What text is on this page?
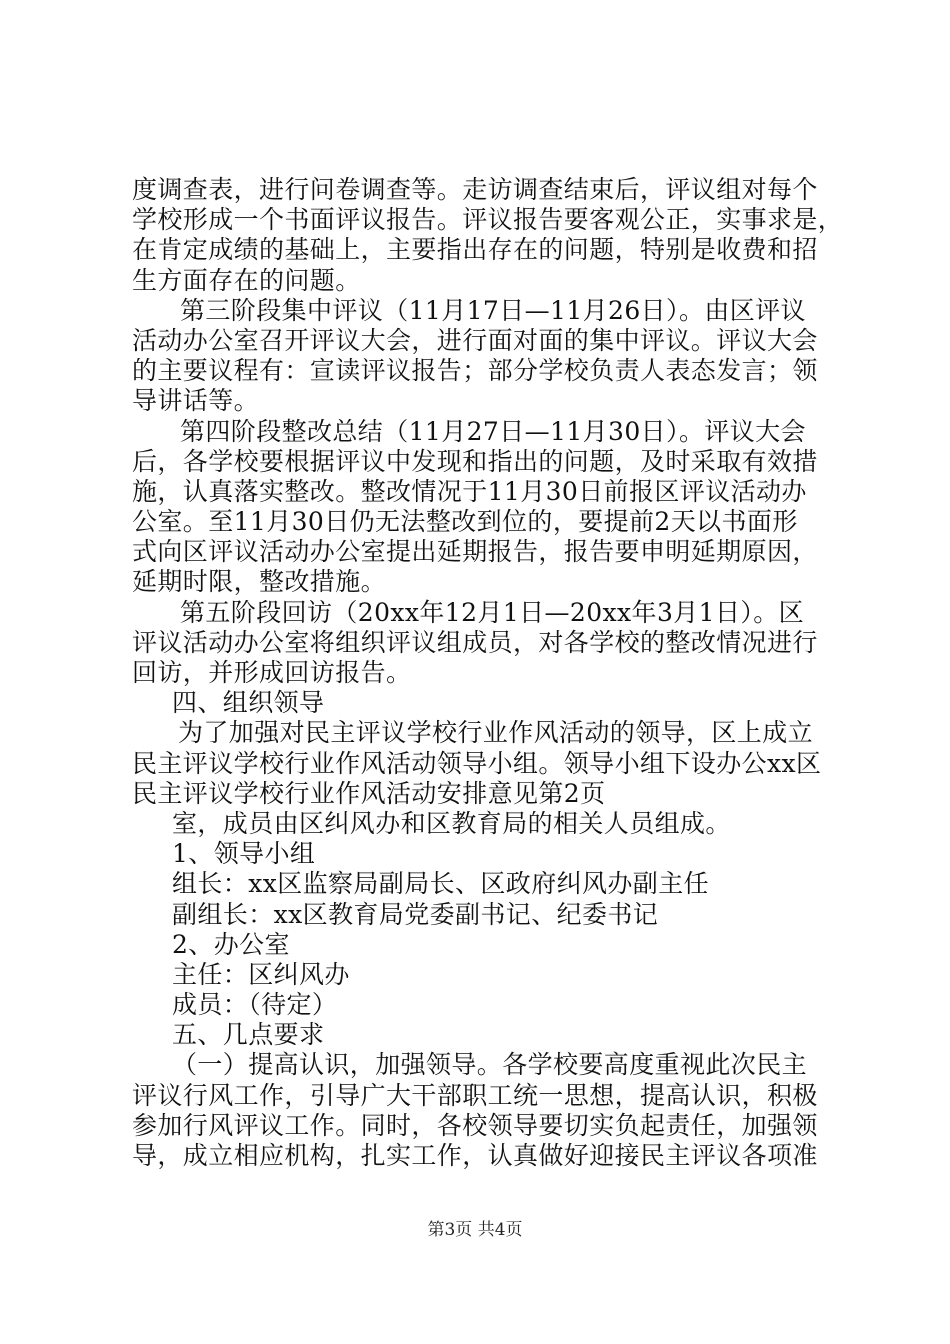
度调查表，进行问卷调查等。走访调查结束后，评议组对每个
学校形成一个书面评议报告。评议报告要客观公正，实事求是，
在肯定成绩的基础上，主要指出存在的问题，特别是收费和招
生方面存在的问题。
第三阶段集中评议（11月17日—11月26日）。由区评议
活动办公室召开评议大会，进行面对面的集中评议。评议大会
的主要议程有：宣读评议报告；部分学校负责人表态发言；领
导讲话等。
第四阶段整改总结（11月27日—11月30日）。评议大会
后，各学校要根据评议中发现和指出的问题，及时采取有效措
施，认真落实整改。整改情况于11月30日前报区评议活动办
公室。至11月30日仍无法整改到位的，要提前2天以书面形
式向区评议活动办公室提出延期报告，报告要申明延期原因，
延期时限，整改措施。
第五阶段回访（20xx年12月1日—20xx年3月1日）。区
评议活动办公室将组织评议组成员，对各学校的整改情况进行
回访，并形成回访报告。
四、组织领导
为了加强对民主评议学校行业作风活动的领导，区上成立
民主评议学校行业作风活动领导小组。领导小组下设办公xx区
民主评议学校行业作风活动安排意见第2页
室，成员由区纠风办和区教育局的相关人员组成。
1、领导小组
组长：xx区监察局副局长、区政府纠风办副主任
副组长：xx区教育局党委副书记、纪委书记
2、办公室
主任：区纠风办
成员：（待定）
五、几点要求
（一）提高认识，加强领导。各学校要高度重视此次民主
评议行风工作，引导广大干部职工统一思想，提高认识，积极
参加行风评议工作。同时，各校领导要切实负起责任，加强领
导，成立相应机构，扎实工作，认真做好迎接民主评议各项准
第3页 共4页
